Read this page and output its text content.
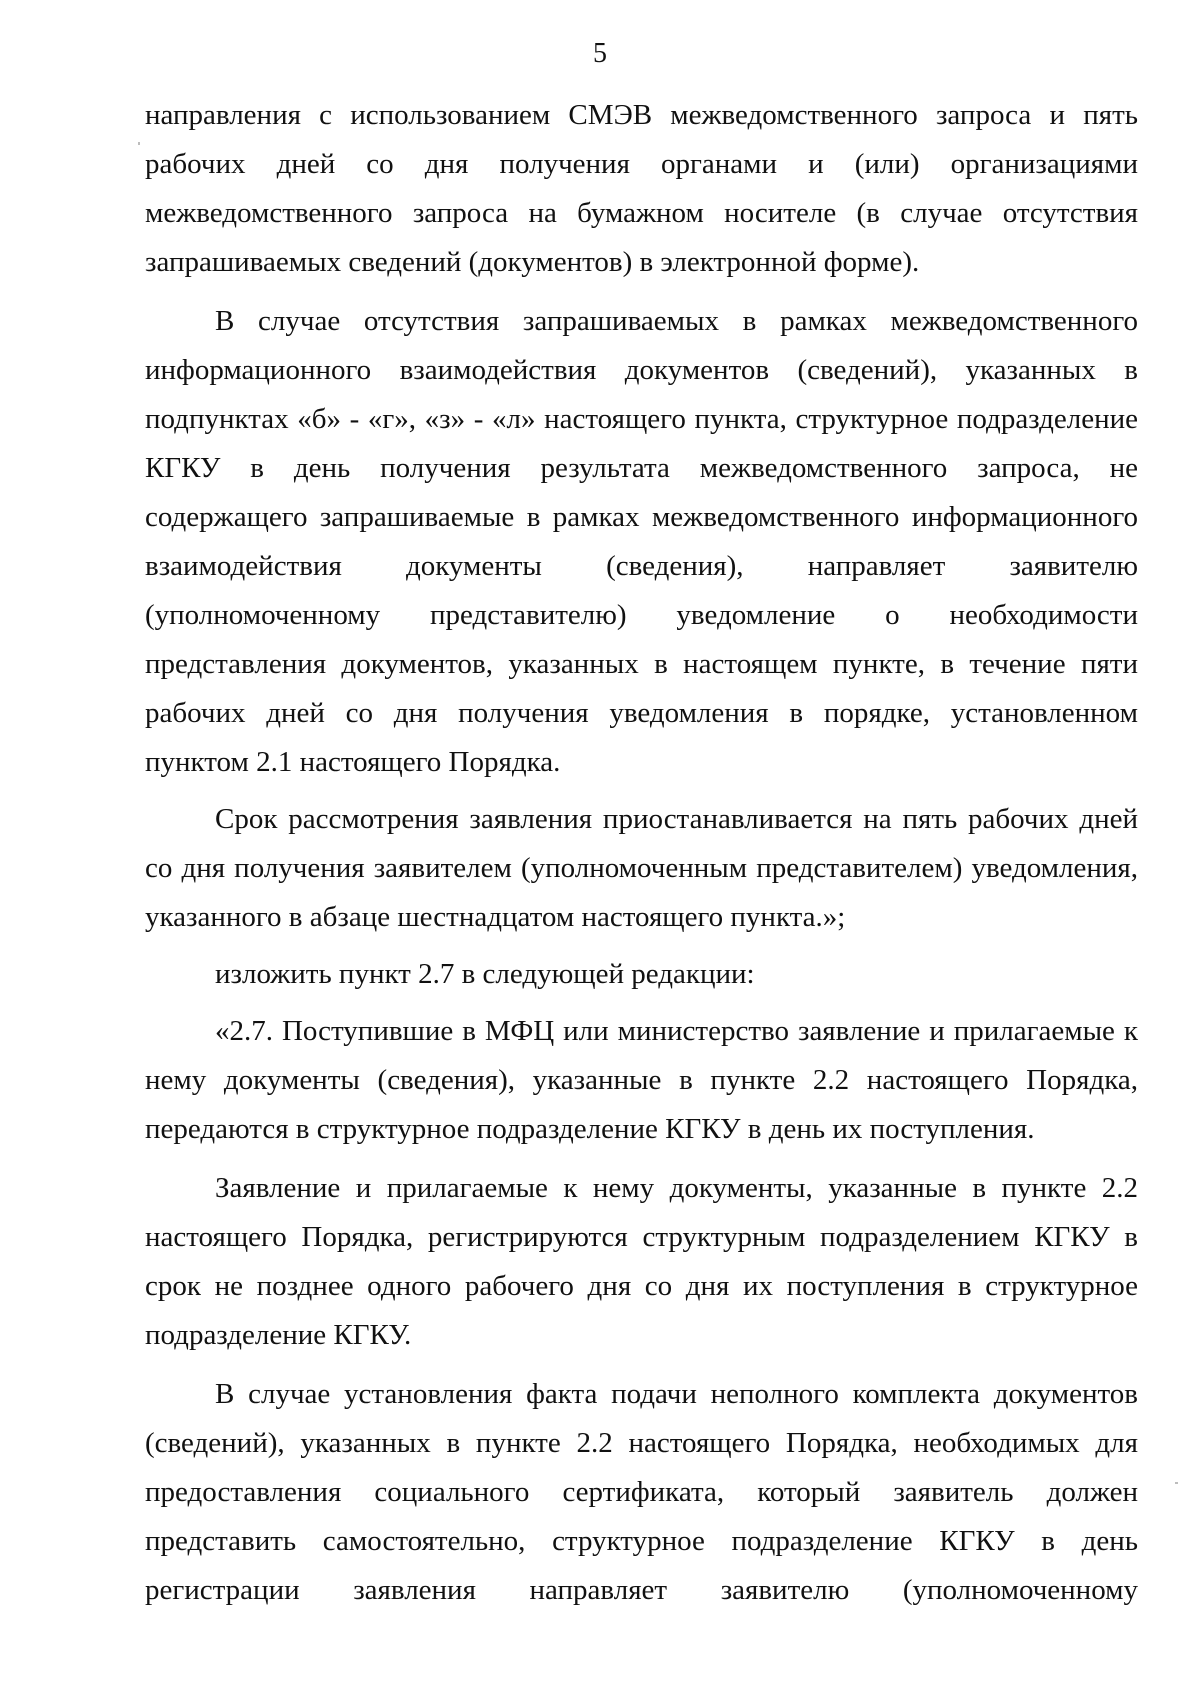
5

направления с использованием СМЭВ межведомственного запроса и пять рабочих дней со дня получения органами и (или) организациями межведомственного запроса на бумажном носителе (в случае отсутствия запрашиваемых сведений (документов) в электронной форме).

В случае отсутствия запрашиваемых в рамках межведомственного информационного взаимодействия документов (сведений), указанных в подпунктах «б» - «г», «з» - «л» настоящего пункта, структурное подразделение КГКУ в день получения результата межведомственного запроса, не содержащего запрашиваемые в рамках межведомственного информационного взаимодействия документы (сведения), направляет заявителю (уполномоченному представителю) уведомление о необходимости представления документов, указанных в настоящем пункте, в течение пяти рабочих дней со дня получения уведомления в порядке, установленном пунктом 2.1 настоящего Порядка.

Срок рассмотрения заявления приостанавливается на пять рабочих дней со дня получения заявителем (уполномоченным представителем) уведомления, указанного в абзаце шестнадцатом настоящего пункта.»;

изложить пункт 2.7 в следующей редакции:

«2.7. Поступившие в МФЦ или министерство заявление и прилагаемые к нему документы (сведения), указанные в пункте 2.2 настоящего Порядка, передаются в структурное подразделение КГКУ в день их поступления.

Заявление и прилагаемые к нему документы, указанные в пункте 2.2 настоящего Порядка, регистрируются структурным подразделением КГКУ в срок не позднее одного рабочего дня со дня их поступления в структурное подразделение КГКУ.

В случае установления факта подачи неполного комплекта документов (сведений), указанных в пункте 2.2 настоящего Порядка, необходимых для предоставления социального сертификата, который заявитель должен представить самостоятельно, структурное подразделение КГКУ в день регистрации заявления направляет заявителю (уполномоченному
